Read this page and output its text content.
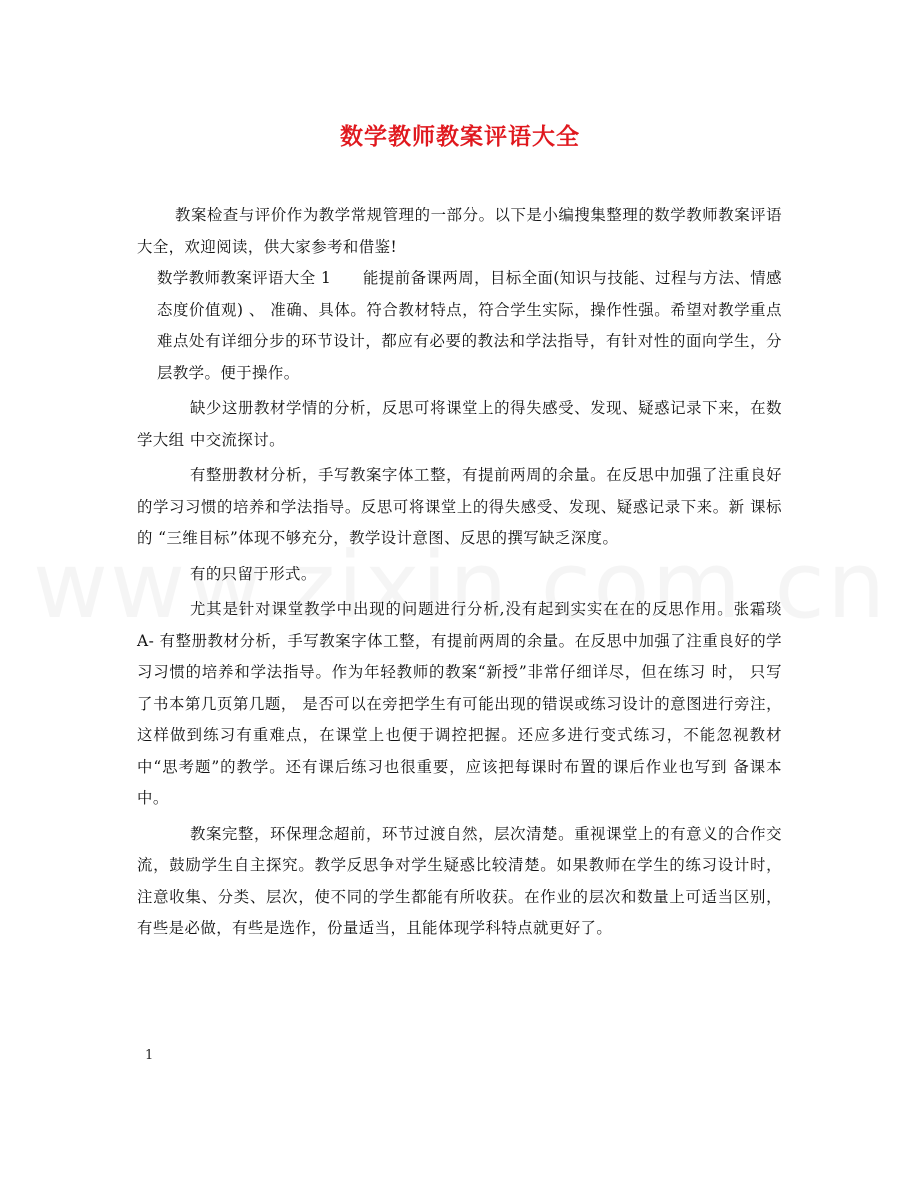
数学教师教案评语大全

教案检查与评价作为教学常规管理的一部分。以下是小编搜集整理的数学教师教案评语大全，欢迎阅读，供大家参考和借鉴!

数学教师教案评语大全 1　　能提前备课两周，目标全面(知识与技能、过程与方法、情感态度价值观) 、 准确、具体。符合教材特点，符合学生实际，操作性强。希望对教学重点难点处有详细分步的环节设计，都应有必要的教法和学法指导，有针对性的面向学生，分层教学。便于操作。

缺少这册教材学情的分析，反思可将课堂上的得失感受、发现、疑惑记录下来，在数学大组 中交流探讨。

有整册教材分析，手写教案字体工整，有提前两周的余量。在反思中加强了注重良好的学习习惯的培养和学法指导。反思可将课堂上的得失感受、发现、疑惑记录下来。新 课标的 “三维目标”体现不够充分，教学设计意图、反思的撰写缺乏深度。

有的只留于形式。

尤其是针对课堂教学中出现的问题进行分析,没有起到实实在在的反思作用。张霜琰 A- 有整册教材分析，手写教案字体工整，有提前两周的余量。在反思中加强了注重良好的学习习惯的培养和学法指导。作为年轻教师的教案“新授”非常仔细详尽，但在练习 时， 只写了书本第几页第几题， 是否可以在旁把学生有可能出现的错误或练习设计的意图进行旁注，这样做到练习有重难点，在课堂上也便于调控把握。还应多进行变式练习，不能忽视教材中“思考题”的教学。还有课后练习也很重要，应该把每课时布置的课后作业也写到 备课本中。

教案完整，环保理念超前，环节过渡自然，层次清楚。重视课堂上的有意义的合作交流，鼓励学生自主探究。教学反思争对学生疑惑比较清楚。如果教师在学生的练习设计时，注意收集、分类、层次，使不同的学生都能有所收获。在作业的层次和数量上可适当区别，有些是必做，有些是选作，份量适当，且能体现学科特点就更好了。

1
